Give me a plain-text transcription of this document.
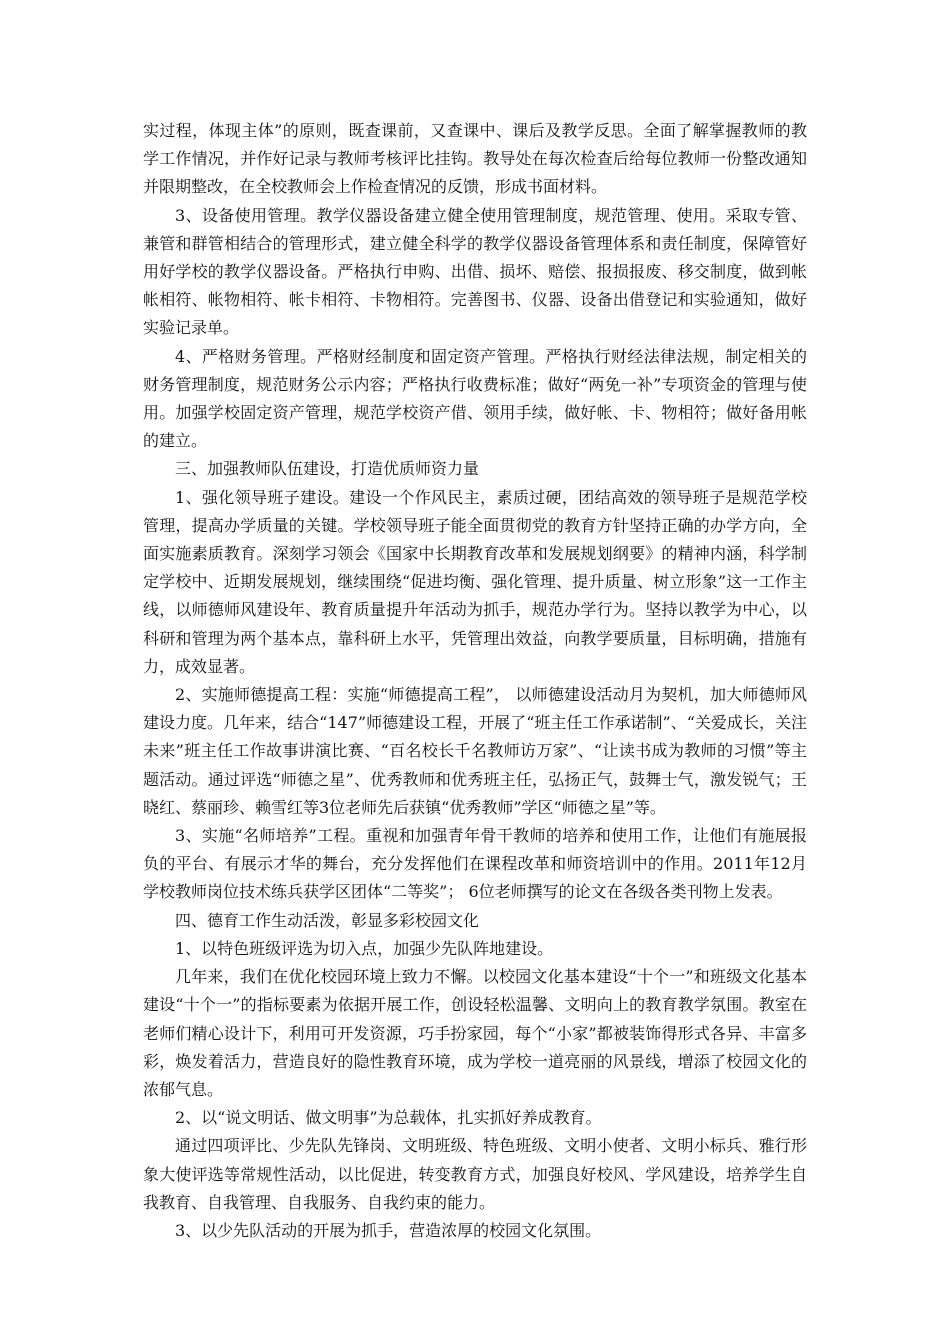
实过程，体现主体”的原则，既查课前，又查课中、课后及教学反思。全面了解掌握教师的教学工作情况，并作好记录与教师考核评比挂钩。教导处在每次检查后给每位教师一份整改通知并限期整改，在全校教师会上作检查情况的反馈，形成书面材料。

3、设备使用管理。教学仪器设备建立健全使用管理制度，规范管理、使用。采取专管、兼管和群管相结合的管理形式，建立健全科学的教学仪器设备管理体系和责任制度，保障管好用好学校的教学仪器设备。严格执行申购、出借、损坏、赔偿、报损报废、移交制度，做到帐帐相符、帐物相符、帐卡相符、卡物相符。完善图书、仪器、设备出借登记和实验通知，做好实验记录单。

4、严格财务管理。严格财经制度和固定资产管理。严格执行财经法律法规，制定相关的财务管理制度，规范财务公示内容；严格执行收费标准；做好“两免一补”专项资金的管理与使用。加强学校固定资产管理，规范学校资产借、领用手续，做好帐、卡、物相符；做好备用帐的建立。

三、加强教师队伍建设，打造优质师资力量

1、强化领导班子建设。建设一个作风民主，素质过硬，团结高效的领导班子是规范学校管理，提高办学质量的关键。学校领导班子能全面贯彻党的教育方针坚持正确的办学方向，全面实施素质教育。深刻学习领会《国家中长期教育改革和发展规划纲要》的精神内涵，科学制定学校中、近期发展规划，继续围绕“促进均衡、强化管理、提升质量、树立形象”这一工作主线，以师德师风建设年、教育质量提升年活动为抓手，规范办学行为。坚持以教学为中心，以科研和管理为两个基本点，靠科研上水平，凭管理出效益，向教学要质量，目标明确，措施有力，成效显著。

2、实施师德提高工程：实施“师德提高工程”， 以师德建设活动月为契机，加大师德师风建设力度。几年来，结合“147”师德建设工程，开展了“班主任工作承诺制”、“关爱成长，关注未来”班主任工作故事讲演比赛、“百名校长千名教师访万家”、“让读书成为教师的习惯”等主题活动。通过评选“师德之星”、优秀教师和优秀班主任，弘扬正气，鼓舞士气，激发锐气；王晓红、蔡丽珍、赖雪红等3位老师先后获镇“优秀教师”学区“师德之星”等。

3、实施“名师培养”工程。重视和加强青年骨干教师的培养和使用工作，让他们有施展报负的平台、有展示才华的舞台，充分发挥他们在课程改革和师资培训中的作用。2011年12月学校教师岗位技术练兵获学区团体“二等奖”； 6位老师撰写的论文在各级各类刊物上发表。

四、德育工作生动活泼，彰显多彩校园文化

1、以特色班级评选为切入点，加强少先队阵地建设。

几年来，我们在优化校园环境上致力不懈。以校园文化基本建设“十个一”和班级文化基本建设“十个一”的指标要素为依据开展工作，创设轻松温馨、文明向上的教育教学氛围。教室在老师们精心设计下，利用可开发资源，巧手扮家园，每个“小家”都被装饰得形式各异、丰富多彩，焕发着活力，营造良好的隐性教育环境，成为学校一道亮丽的风景线，增添了校园文化的浓郁气息。

2、以“说文明话、做文明事”为总载体，扎实抓好养成教育。

通过四项评比、少先队先锋岗、文明班级、特色班级、文明小使者、文明小标兵、雅行形象大使评选等常规性活动，以比促进，转变教育方式，加强良好校风、学风建设，培养学生自我教育、自我管理、自我服务、自我约束的能力。

3、以少先队活动的开展为抓手，营造浓厚的校园文化氛围。
